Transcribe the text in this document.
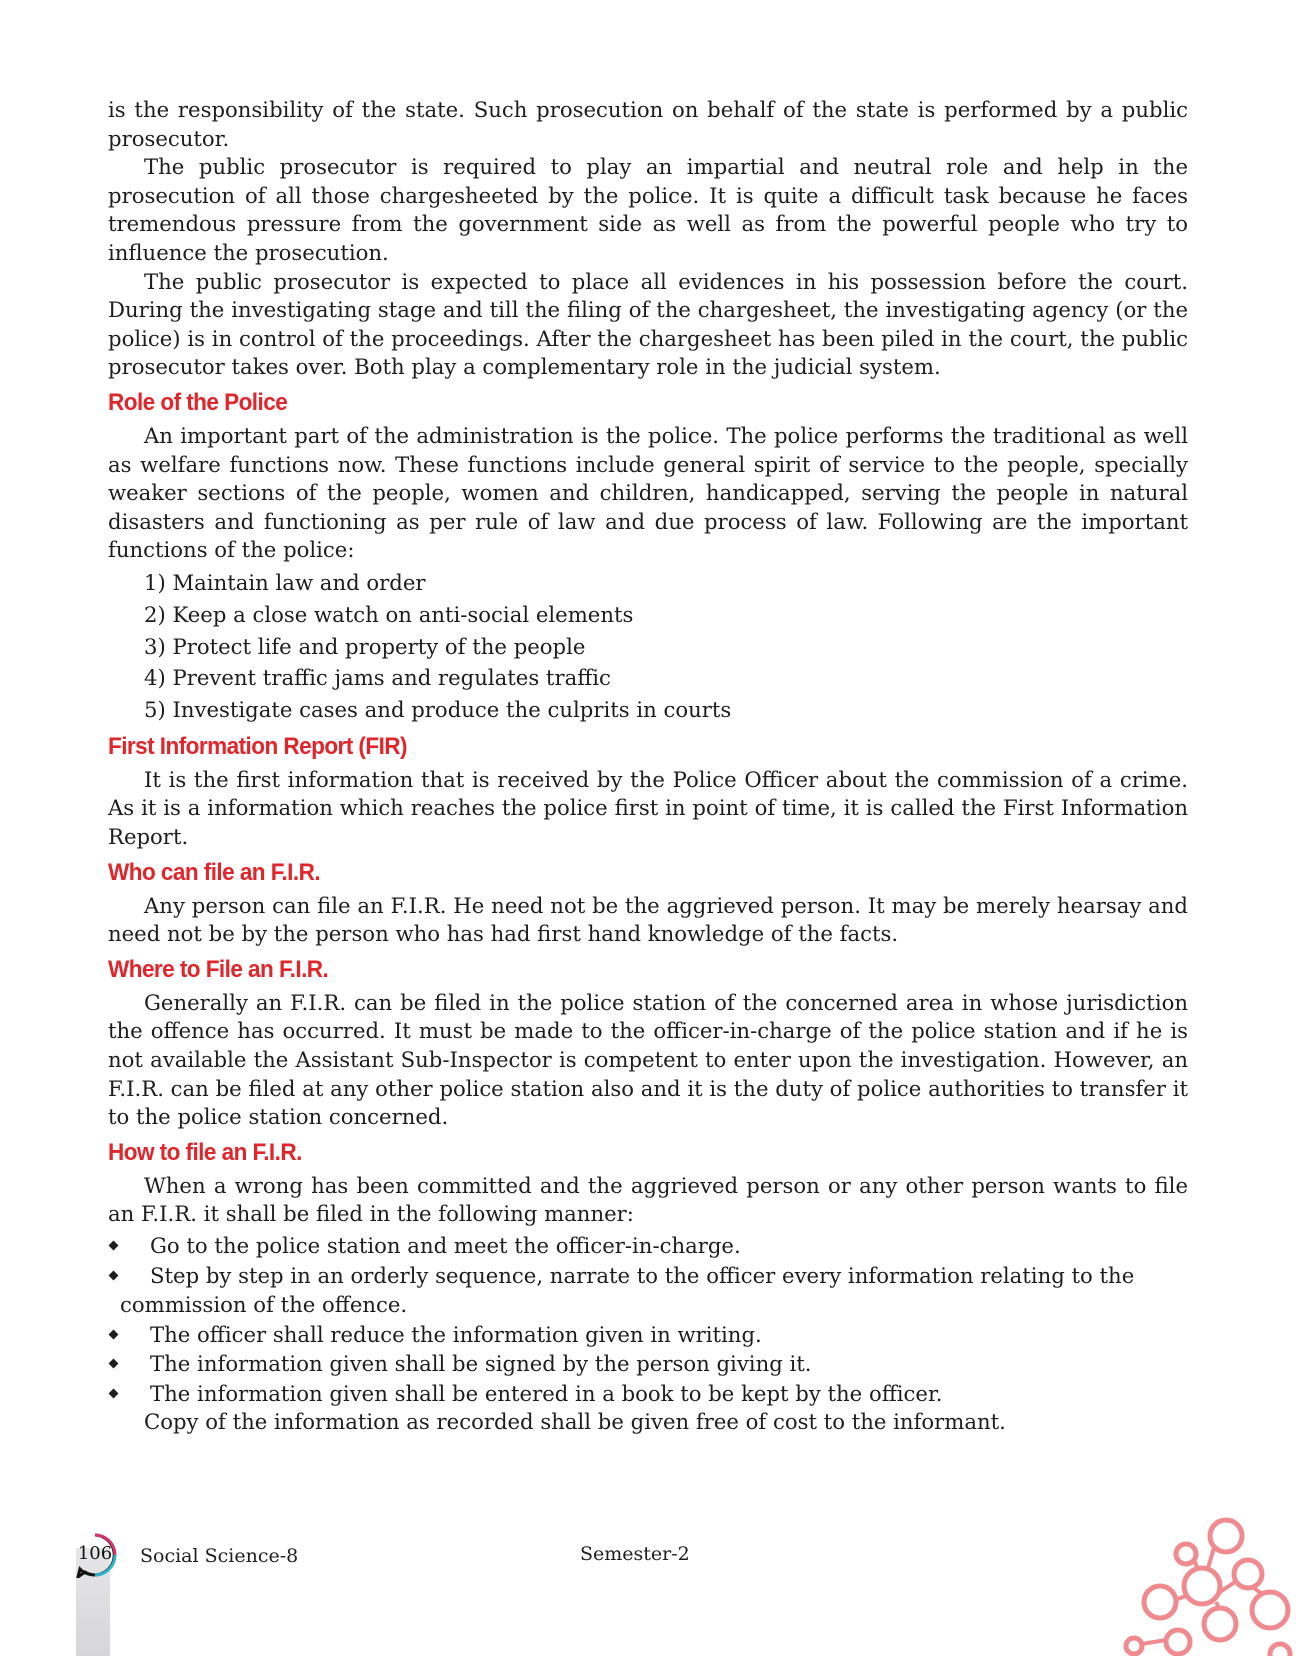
is the responsibility of the state. Such prosecution on behalf of the state is performed by a public prosecutor.

The public prosecutor is required to play an impartial and neutral role and help in the prosecution of all those chargesheeted by the police. It is quite a difficult task because he faces tremendous pressure from the government side as well as from the powerful people who try to influence the prosecution.

The public prosecutor is expected to place all evidences in his possession before the court. During the investigating stage and till the filing of the chargesheet, the investigating agency (or the police) is in control of the proceedings. After the chargesheet has been piled in the court, the public prosecutor takes over. Both play a complementary role in the judicial system.

Role of the Police

An important part of the administration is the police. The police performs the traditional as well as welfare functions now. These functions include general spirit of service to the people, specially weaker sections of the people, women and children, handicapped, serving the people in natural disasters and functioning as per rule of law and due process of law. Following are the important functions of the police:

1) Maintain law and order
2) Keep a close watch on anti-social elements
3) Protect life and property of the people
4) Prevent traffic jams and regulates traffic
5) Investigate cases and produce the culprits in courts
First Information Report (FIR)

It is the first information that is received by the Police Officer about the commission of a crime. As it is a information which reaches the police first in point of time, it is called the First Information Report.

Who can file an F.I.R.

Any person can file an F.I.R. He need not be the aggrieved person. It may be merely hearsay and need not be by the person who has had first hand knowledge of the facts.

Where to File an F.I.R.

Generally an F.I.R. can be filed in the police station of the concerned area in whose jurisdiction the offence has occurred. It must be made to the officer-in-charge of the police station and if he is not available the Assistant Sub-Inspector is competent to enter upon the investigation. However, an F.I.R. can be filed at any other police station also and it is the duty of police authorities to transfer it to the police station concerned.

How to file an F.I.R.

When a wrong has been committed and the aggrieved person or any other person wants to file an F.I.R. it shall be filed in the following manner:

Go to the police station and meet the officer-in-charge.
Step by step in an orderly sequence, narrate to the officer every information relating to the
commission of the offence.
The officer shall reduce the information given in writing.
The information given shall be signed by the person giving it.
The information given shall be entered in a book to be kept by the officer.

Copy of the information as recorded shall be given free of cost to the informant.

106 Social Science-8	Semester-2
